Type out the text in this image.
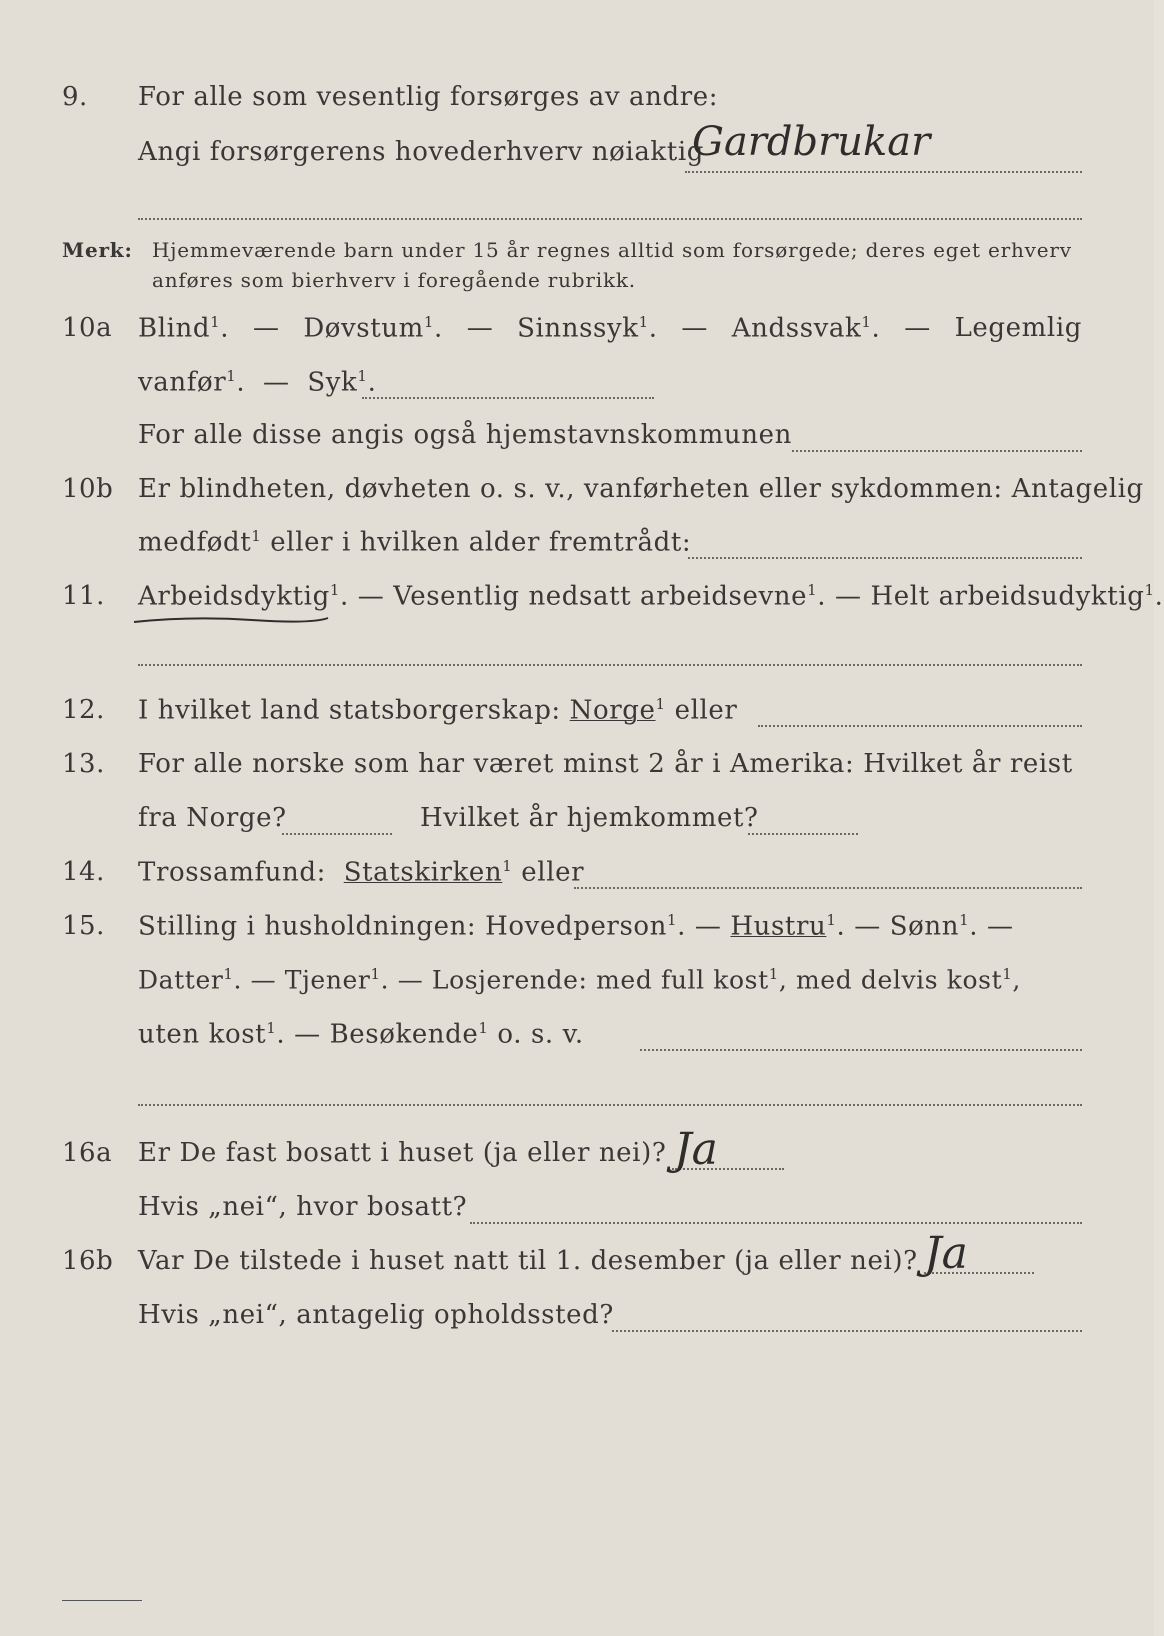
9. For alle som vesentlig forsørges av andre:
Angi forsørgerens hovederhverv nøiaktig
Gardbrukar
Merk: Hjemmeværende barn under 15 år regnes alltid som forsørgede; deres eget erhverv
anføres som bierhverv i foregående rubrikk.
10a Blind$^1$. — Døvstum$^1$. — Sinnssyk$^1$. — Andssvak$^1$. — Legemlig
vanfør$^1$.  — Syk$^1$.
For alle disse angis også hjemstavnskommunen
10b Er blindheten, døvheten o. s. v., vanførheten eller sykdommen: Antagelig
medfødt$^1$ eller i hvilken alder fremtrådt:
11. Arbeidsdyktig$^1$. — Vesentlig nedsatt arbeidsevne$^1$. — Helt arbeidsudyktig$^1$.
12. I hvilket land statsborgerskap: Norge$^1$ eller
13. For alle norske som har været minst 2 år i Amerika: Hvilket år reist
fra Norge?	Hvilket år hjemkommet?
14. Trossamfund: Statskirken$^1$ eller
15. Stilling i husholdningen: Hovedperson$^1$. — Hustru$^1$. — Sønn$^1$. —
Datter$^1$. — Tjener$^1$. — Losjerende: med full kost$^1$, med delvis kost$^1$,
uten kost$^1$. — Besøkende$^1$ o. s. v.
16a Er De fast bosatt i huset (ja eller nei)? Ja
Hvis „nei“, hvor bosatt?
16b Var De tilstede i huset natt til 1. desember (ja eller nei)? Ja
Hvis „nei“, antagelig opholdssted?
